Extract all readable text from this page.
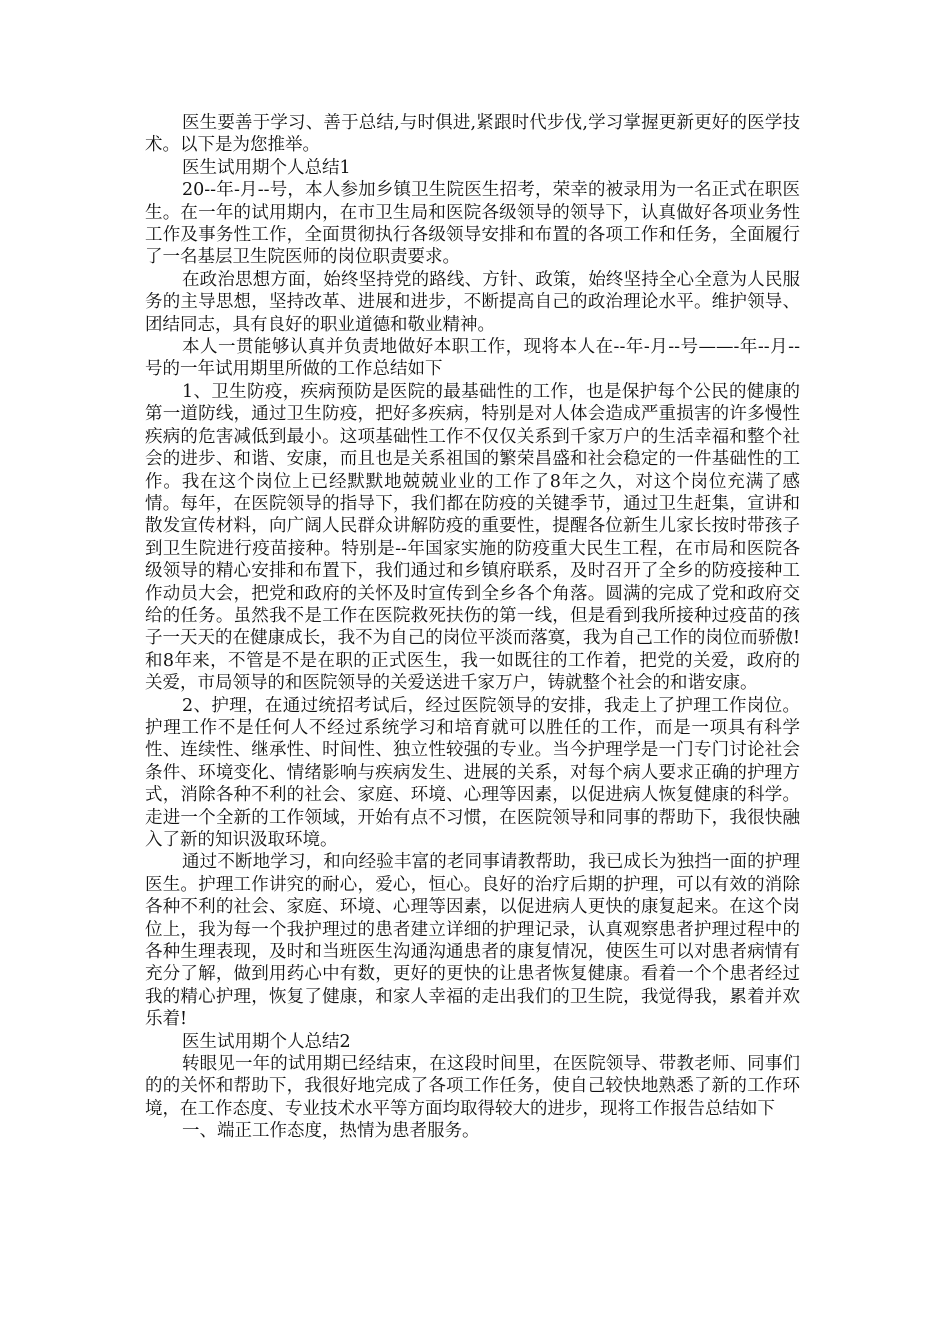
医生要善于学习、善于总结,与时俱进,紧跟时代步伐,学习掌握更新更好的医学技术。以下是为您推举。

医生试用期个人总结1

20--年-月--号，本人参加乡镇卫生院医生招考，荣幸的被录用为一名正式在职医生。在一年的试用期内，在市卫生局和医院各级领导的领导下，认真做好各项业务性工作及事务性工作，全面贯彻执行各级领导安排和布置的各项工作和任务，全面履行了一名基层卫生院医师的岗位职责要求。

在政治思想方面，始终坚持党的路线、方针、政策，始终坚持全心全意为人民服务的主导思想，坚持改革、进展和进步，不断提高自己的政治理论水平。维护领导、团结同志，具有良好的职业道德和敬业精神。

本人一贯能够认真并负责地做好本职工作，现将本人在--年-月--号——-年--月--号的一年试用期里所做的工作总结如下

1、卫生防疫，疾病预防是医院的最基础性的工作，也是保护每个公民的健康的第一道防线，通过卫生防疫，把好多疾病，特别是对人体会造成严重损害的许多慢性疾病的危害减低到最小。这项基础性工作不仅仅关系到千家万户的生活幸福和整个社会的进步、和谐、安康，而且也是关系祖国的繁荣昌盛和社会稳定的一件基础性的工作。我在这个岗位上已经默默地兢兢业业的工作了8年之久，对这个岗位充满了感情。每年，在医院领导的指导下，我们都在防疫的关键季节，通过卫生赶集，宣讲和散发宣传材料，向广阔人民群众讲解防疫的重要性，提醒各位新生儿家长按时带孩子到卫生院进行疫苗接种。特别是--年国家实施的防疫重大民生工程，在市局和医院各级领导的精心安排和布置下，我们通过和乡镇府联系，及时召开了全乡的防疫接种工作动员大会，把党和政府的关怀及时宣传到全乡各个角落。圆满的完成了党和政府交给的任务。虽然我不是工作在医院救死扶伤的第一线，但是看到我所接种过疫苗的孩子一天天的在健康成长，我不为自己的岗位平淡而落寞，我为自己工作的岗位而骄傲!和8年来，不管是不是在职的正式医生，我一如既往的工作着，把党的关爱，政府的关爱，市局领导的和医院领导的关爱送进千家万户，铸就整个社会的和谐安康。

2、护理，在通过统招考试后，经过医院领导的安排，我走上了护理工作岗位。护理工作不是任何人不经过系统学习和培育就可以胜任的工作，而是一项具有科学性、连续性、继承性、时间性、独立性较强的专业。当今护理学是一门专门讨论社会条件、环境变化、情绪影响与疾病发生、进展的关系，对每个病人要求正确的护理方式，消除各种不利的社会、家庭、环境、心理等因素，以促进病人恢复健康的科学。走进一个全新的工作领域，开始有点不习惯，在医院领导和同事的帮助下，我很快融入了新的知识汲取环境。

通过不断地学习，和向经验丰富的老同事请教帮助，我已成长为独挡一面的护理医生。护理工作讲究的耐心，爱心，恒心。良好的治疗后期的护理，可以有效的消除各种不利的社会、家庭、环境、心理等因素，以促进病人更快的康复起来。在这个岗位上，我为每一个我护理过的患者建立详细的护理记录，认真观察患者护理过程中的各种生理表现，及时和当班医生沟通沟通患者的康复情况，使医生可以对患者病情有充分了解，做到用药心中有数，更好的更快的让患者恢复健康。看着一个个患者经过我的精心护理，恢复了健康，和家人幸福的走出我们的卫生院，我觉得我，累着并欢乐着!

医生试用期个人总结2

转眼见一年的试用期已经结束，在这段时间里，在医院领导、带教老师、同事们的的关怀和帮助下，我很好地完成了各项工作任务，使自己较快地熟悉了新的工作环境，在工作态度、专业技术水平等方面均取得较大的进步，现将工作报告总结如下

一、端正工作态度，热情为患者服务。
